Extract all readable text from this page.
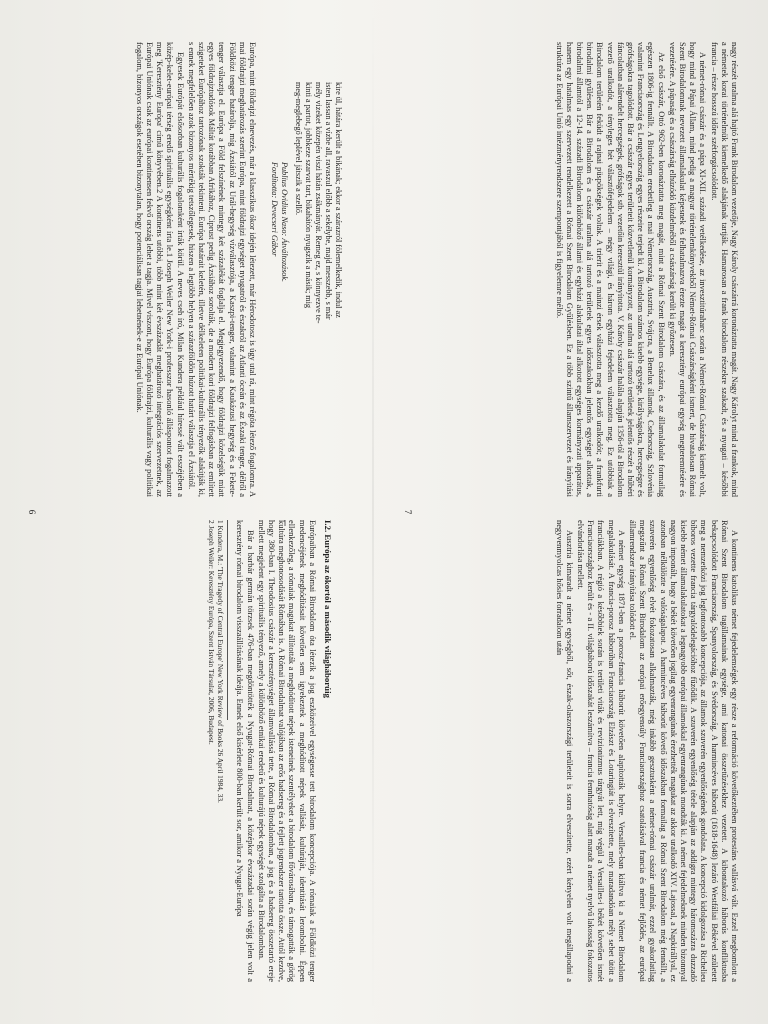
kire ül, hátára került a bikának; ekkor a szárazról fölemelkedik, indul az
isten lassan a vízbe all, ravaszul előbb a sekélybe, majd messzebb, s már
mély vizeket közepén viszi hátán zsákmányát. Remeg ez, s könnyezve te-
kinti a partot, jobbkeze szarvat tart, bikahátón nyugszik a másik; mig
meg-meglebegő leplével játszik a szellő.
Publius Ovidius Naso: Átváltozások.
Fordította: Devecseri Gábor

Európa, mint földrajzi elnevezés, már a klasszikus ókor idején létezett, már Hérodotosz is úgy utal rá, mint régóta létező fogalomra. A mai földrajzi meghatározás szerint Európa, mint földrajzi egységet nyugatról és északról az Atlanti óceán és az Északi tenger, délről a Földközi tenger határolja, míg Ázsiától az Urál-hegység vízválasztója, a Kaszpi-tenger, valamint a Kaukázusi hegység és a Fekete-tenger választja el. Európa a Föld felszínének mintegy két százalékát foglalja el. Megjegyezendő, hogy földrajzi közelségük miatt egyes földrajztudósok Máltát korábban Afrikához, Ciprust pedig Ázsiához sorolták, de a modern kori földrajzi felfogásban az említett szigeteket Európához tartozónak szokták tekinteni. Európa határait keletén, illetve délkeleten politikai-kulturális tényezők alakítják ki, s ennek megfelelően azok bizonyos mértékig tetszőlegesek, hiszen a legtöbb helyen a szárazföldön húzott határt választja el Ázsiától.

Egyesek Európát elsősorban kulturális fogalomként írták körül. A neves cseh író, Milan Kundera például híressé vált esszéjében a közép-kelet-európai térség eredő spirituális egységként írta le.1 Joseph Weiler New York-i professzor hasonló álláspontot fogalmazott meg 'Keresztény Európa' című könyvében.2 A kontinens utóbbi, több mint két évszázadát meghatározó integrációs szervezetnek, az Európai Uniónak csak az európai kontinensen fekvő ország lehet a tagja. Mivel viszont, hogy Európa földrajzi, kulturális vagy politikai fogalom, bizonyos országok esetében bizonytalan, hogy potenciálisan tagjai lehetnének-e az Európai Uniónak.

I.2. Európa az ókortól a második világháborúig

Európaiban a Római Birodalom óta létezik a jog eszközeivel egységesse tett birodalom koncepciója. A rómaiak a Földközi tenger medencéjének meghódításait követően sem igyekeztek a meghódított népek vallását, kultúráját, identitását lerombolni. Éppen ellenkezőleg, a rómaiak magukat állították a meghódított népek isteneinek szentélyeket a birodalom fővárosában, és támogatták a görög kultúra meghonosodását Rómában is. A Római Birodalmat valójában az erős hadsereg és a fejlett jogrendszer tartotta össze. Attól kezdve, hogy 380-ban I. Theodosius császár a kereszténységet államvallássá tette, a Római Birodalomban, a jog és a hadsereg összetartó ereje mellett megjelent egy spirituális tényező, amely a különböző etnikai eredetű és kulturájú népek egységét szolgálta a Birodalomban.

Bár a barbár germán törzsek 476-ban megdöntötték a Nyugat-Római Birodalmat, a középkor évszázadai során végig jelen volt a keresztény római birodalom visszaállításának ideája. Ennek első kísérlete 800-ban került sor, amikor a Nyugat-Európa

1 Kundera, M.: 'The Tragedy of Central Europe' New York Review of Books 26 April 1984, 33.
2 Joseph Weiler: Keresztény Európa, Szent István Társulat, 2006, Budapest.
6

nagy részét uralma alá hajtó Frank Birodalom vezetője, Nagy Károly császárrá koronáztatta magát. Nagy Károlyt mind a frankok, mind a németek korai történelmük kiemelkedő alakjának tartják. Hamarosan a frank birodalom részekre szakadt, és a nyugati – későbbi francia – része hosszú időre szétforgácsolódott.

A német-római császár és a pápa XI-XII. századi vetélkedése, az invesztitúraharc során a Német-Római Császárság kiemelt volt, hogy mind a Pápai Állam, mind pedig a magyar történelemkönyvekből Német-Római Császárságként ismert, de hivatalosan Római Szent Birodalomnak nevezett államalakulat képesnek és felhatalmazva érezte magát a keresztény európai egység megteremtésére és vezetésére. A pápaság és a császárság elhúzódó küzdelméből a császárság került ki győztesen.

Az első császár, Ottó 962-ben koronáztatta meg magát, mint a Római Szent Birodalom császára, és az államalakulat formailag egészen 1806-ig fennállt. A Birodalom eredetileg a mai Németország, Ausztria, Svájcra, a Benelux államok, Csehország, Szlovénia valamint Franciaország és Lengyelország egyes részeire terjedt ki. A Birodalom számos kisebb egysége, királyságokra, hercegségre és grófságokra tagolódott. Bár a császár egyes területeit közvetlenül kormányzott, az uralma alá tartozó területek jelentős részét a hűbéri fáncolatban alárendelt hercegségek, grófságok stb. vezetőin keresztül irányította. V. Károly császár halála alapján 1356-tól a Birodalom vezető uralkodót, a tényleges hét választófejedelem – négy világi, és három egyházi fejedelem választotta meg. Ez utóbbiak a Birodalom területén feküdt a rajnai püspökségek voltak. A trierit és a mainzi érsek választotta meg a kezdő uralkodót; a frankfurti birodalmi gyűlésen. Bár a Birodalom és a császár uralma alá tartozó területek egyes időszakokban jelentős egységet alkottak, a birodalmi államtól a 12-14. századi Birodalom különböző állami és egyházi alakulatai által alkotott egységes kormányzati apparátus, hanem egy hatalmas egy szervezett rendelkezett a Római Szent Birodalom Gyűlésben. Ez a több szintű államszervezet és irányítási struktúra az Európai Unió intézményrendszere szempontjából is figyelemre méltó.

A kontinens katolikus német fejedelemségek egy része a reformáció követőkeztében protestáns vallásvá vált. Ezzel megbomlott a Római Szent Birodalom tagállamainak egysége, ami katonai összetűzésekhez vezetett. A kibontakozó háborús konfliktusba bekapcsolódott Franciaország, Spanyolország, és Svédország. A harmincéves háborút (1618-1648) lezáró Westfáliai Békével született meg a nemzetközi jog legfontosabb koncepciója, az államok szuverén egyenlőségének gondolata. A koncepció kidolgozása a Richelieu bíboros vezette francia tárgyalódelegációhoz fűződik. A szuverén egyenlőség tétele alapján az addigra mintegy háromszázra duzzadó kisebb német államalakulatokat a legnagyobb európai államokkal egyenrangúnak mondták ki. A német fejedelmeknek minden bizonnyal nagyon imponált, hogy a békét követően jogilag egyenrangúnak érezhették magukat az akkor uralkodó XIV. Lajossal, a Napkirállyal, ez azonban nélkülözte a valóságalapot. A harmincéves háborút követő időszakban formailag a Római Szent Birodalom még fennállt, a szuverén egyenlőség elvét fokozatosan alkalmazták, még inkább gesztusként a német-római császár uralmát, ezzel gyakorlatilag megszűnt a Római Szent Birodalom az európai erőegyensúly Franciaországhoz csatolásával francia és német fejlődés, az európai államrendszer irányítása tolódott el.

A német egység 1871-ben a porosz-francia háborút követően alapították helyre. Versailles-ban kiáltva ki a Német Birodalom megalakulását. A francia-porosz háborúban Franciaország Elzászt és Lotaringiát is elveszítette, mely maradandóan mély sebet ütött a franciákban. A régió a későbbiek során is területi viták és revizionizmus tárgyát lett, míg végül a Versailles-i békét követően ismét Franciaországhoz került és - a II. világháború időszakát leszámítva – francia fennhatóság alatt maradt a német nyelvű lakosság fokozatos elvándorlása mellett.

Ausztria kimaradt a német egységből, sőt, észak-olaszországi területeit is sorra elveszítette, ezért kényelen volt megállapodni a negyvenmyolcas hősies forradalom után

7
